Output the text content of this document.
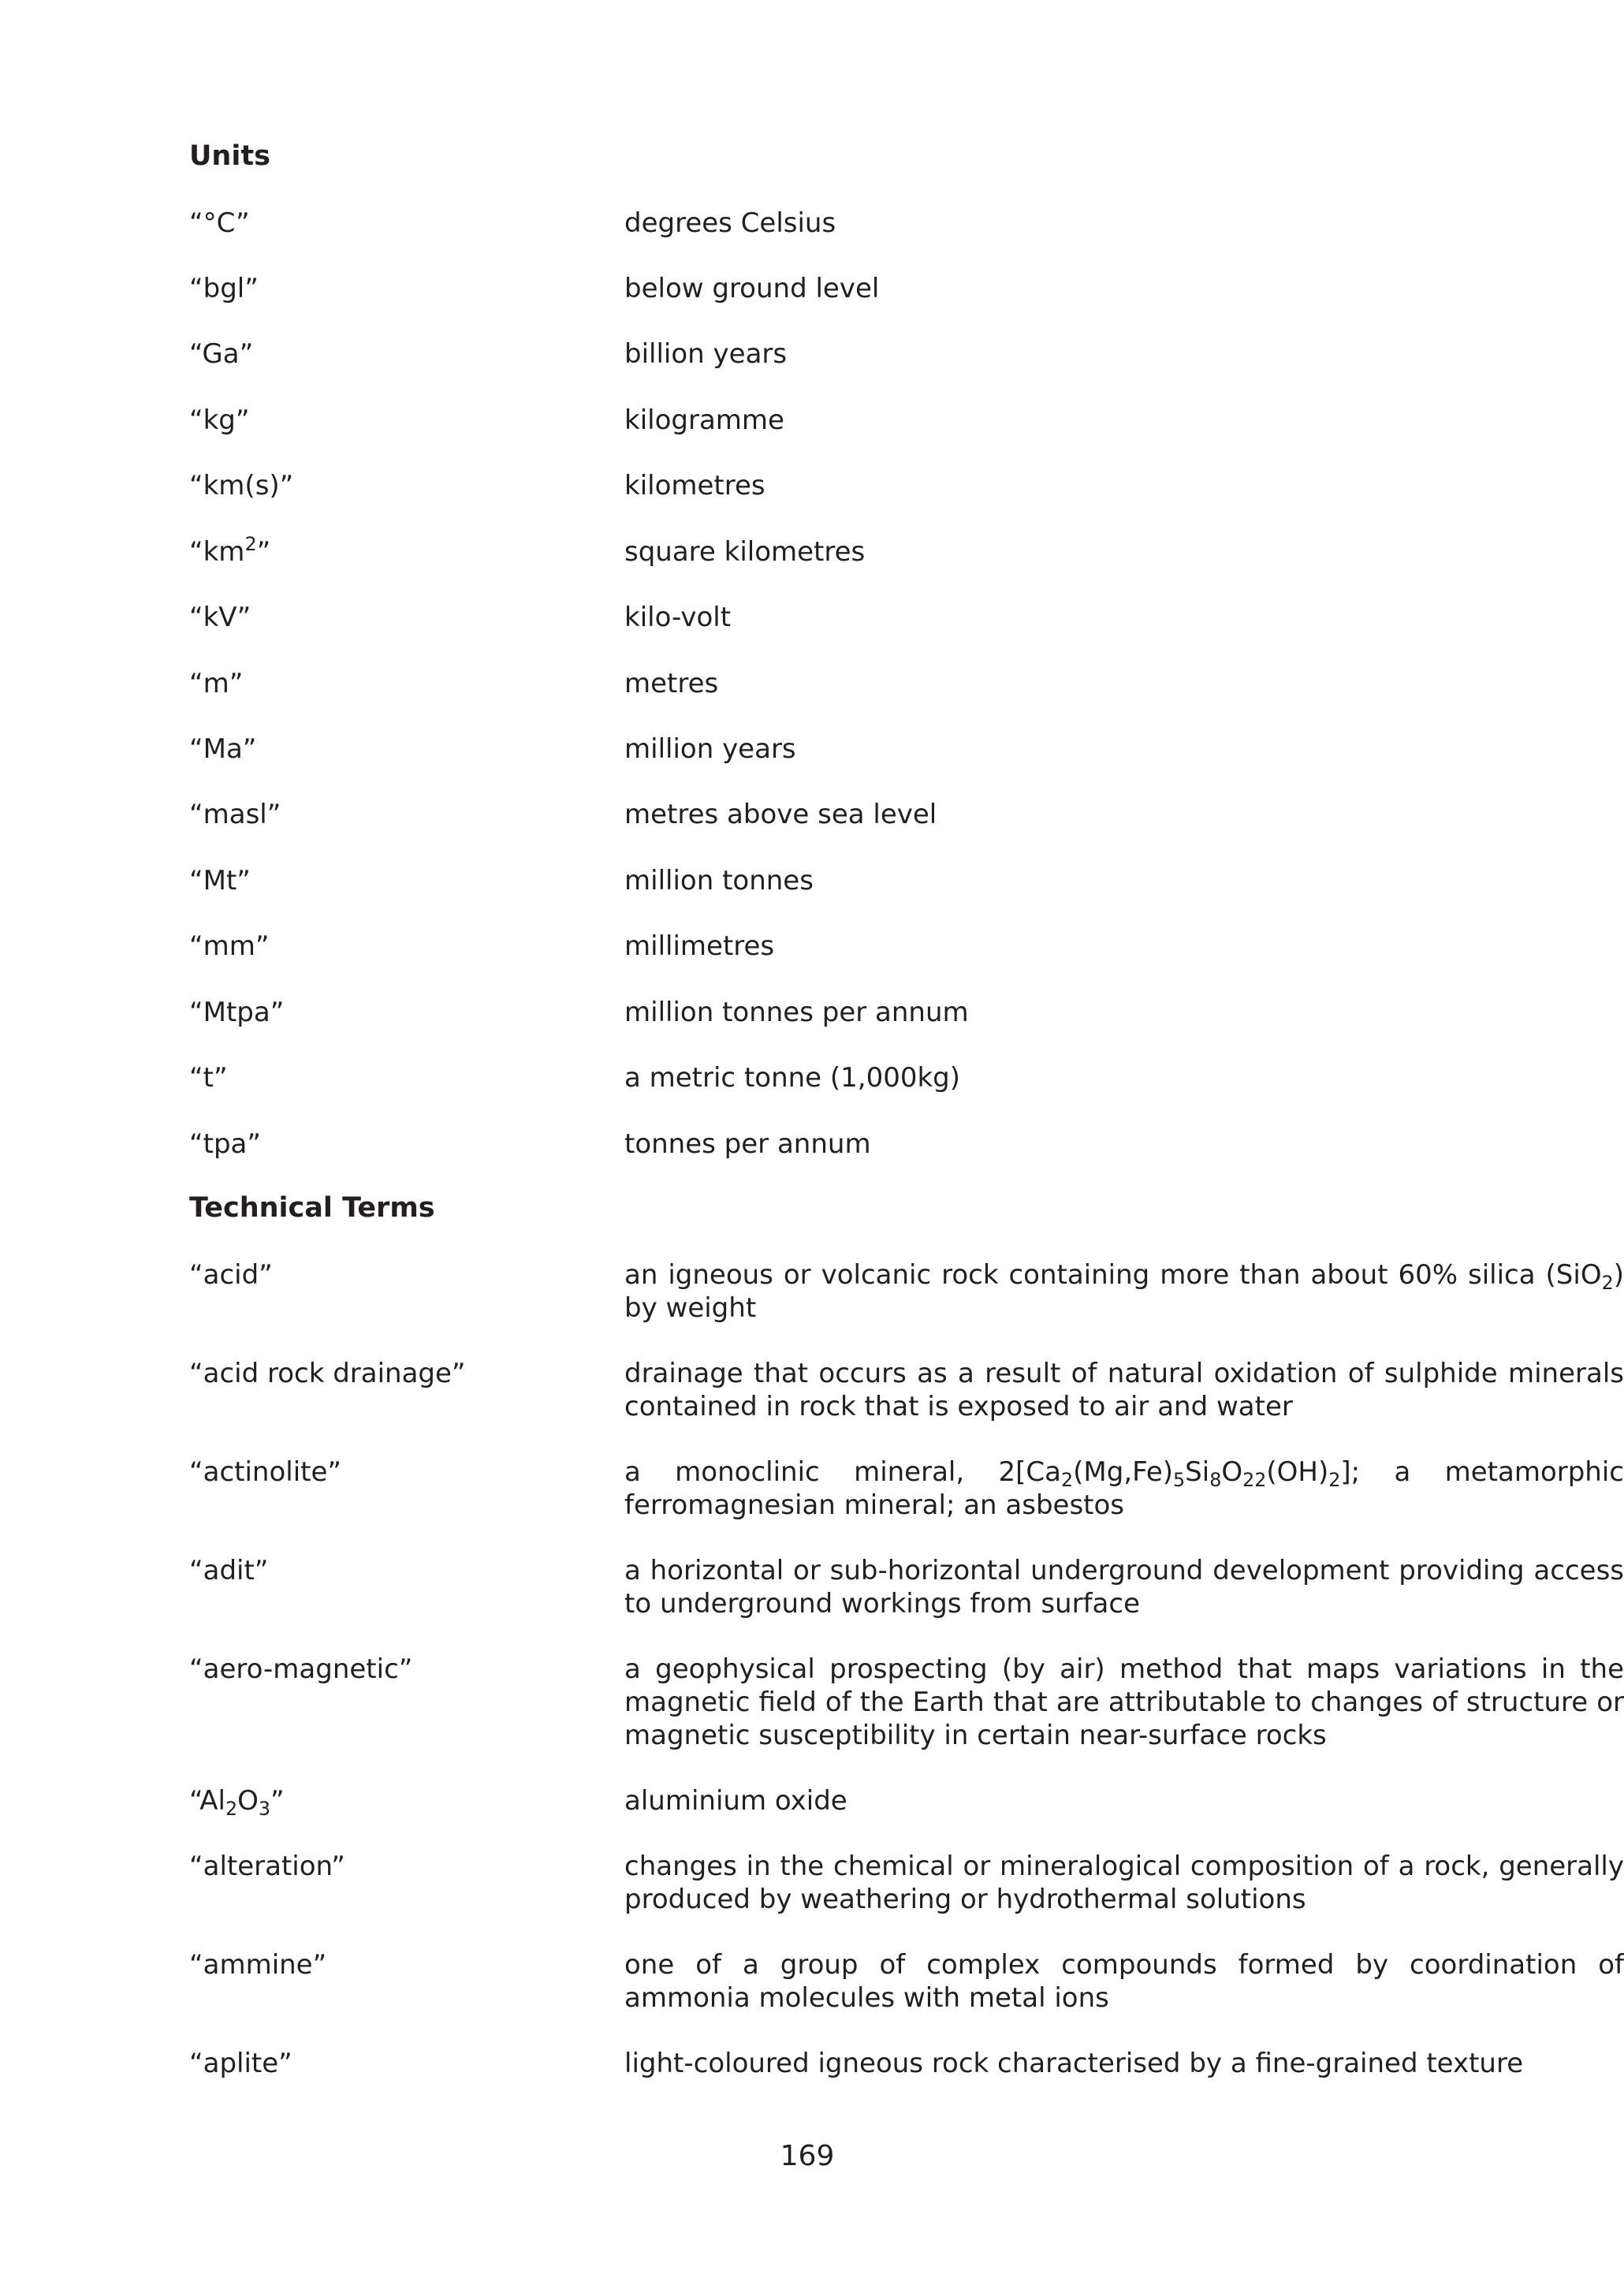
Units
“°C”	degrees Celsius
“bgl”	below ground level
“Ga”	billion years
“kg”	kilogramme
“km(s)”	kilometres
“$km^2$”	square kilometres
“kV”	kilo-volt
“m”	metres
“Ma”	million years
“masl”	metres above sea level
“Mt”	million tonnes
“mm”	millimetres
“Mtpa”	million tonnes per annum
“t”	a metric tonne (1,000kg)
“tpa”	tonnes per annum
Technical Terms
“acid”	an igneous or volcanic rock containing more than about 60% silica (SiO$_2$) by weight
“acid rock drainage”	drainage that occurs as a result of natural oxidation of sulphide minerals contained in rock that is exposed to air and water
“actinolite”	a monoclinic mineral, $2[Ca_2(Mg,Fe)_5Si_8O_{22}(OH)_2]$; a metamorphic ferromagnesian mineral; an asbestos
“adit”	a horizontal or sub-horizontal underground development providing access to underground workings from surface
“aero-magnetic”	a geophysical prospecting (by air) method that maps variations in the magnetic field of the Earth that are attributable to changes of structure or magnetic susceptibility in certain near-surface rocks
“$Al_2O_3$”	aluminium oxide
“alteration”	changes in the chemical or mineralogical composition of a rock, generally produced by weathering or hydrothermal solutions
“ammine”	one of a group of complex compounds formed by coordination of ammonia molecules with metal ions
“aplite”	light-coloured igneous rock characterised by a fine-grained texture
169
